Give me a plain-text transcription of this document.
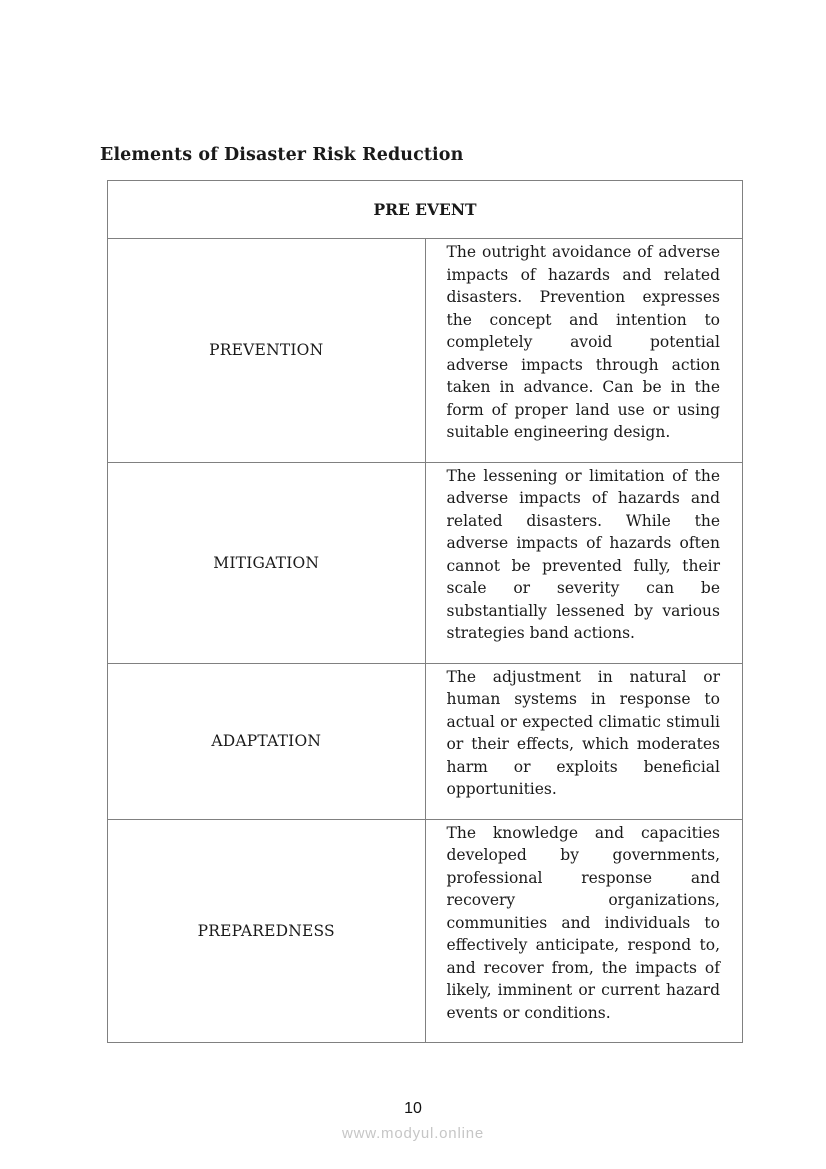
Elements of Disaster Risk Reduction
PRE EVENT	
PREVENTION	The outright avoidance of adverse impacts of hazards and related disasters. Prevention expresses the concept and intention to completely avoid potential adverse impacts through action taken in advance. Can be in the form of proper land use or using suitable engineering design.
MITIGATION	The lessening or limitation of the adverse impacts of hazards and related disasters. While the adverse impacts of hazards often cannot be prevented fully, their scale or severity can be substantially lessened by various strategies band actions.
ADAPTATION	The adjustment in natural or human systems in response to actual or expected climatic stimuli or their effects, which moderates harm or exploits beneficial opportunities.
PREPAREDNESS	The knowledge and capacities developed by governments, professional response and recovery organizations, communities and individuals to effectively anticipate, respond to, and recover from, the impacts of likely, imminent or current hazard events or conditions.
10
www.modyul.online
